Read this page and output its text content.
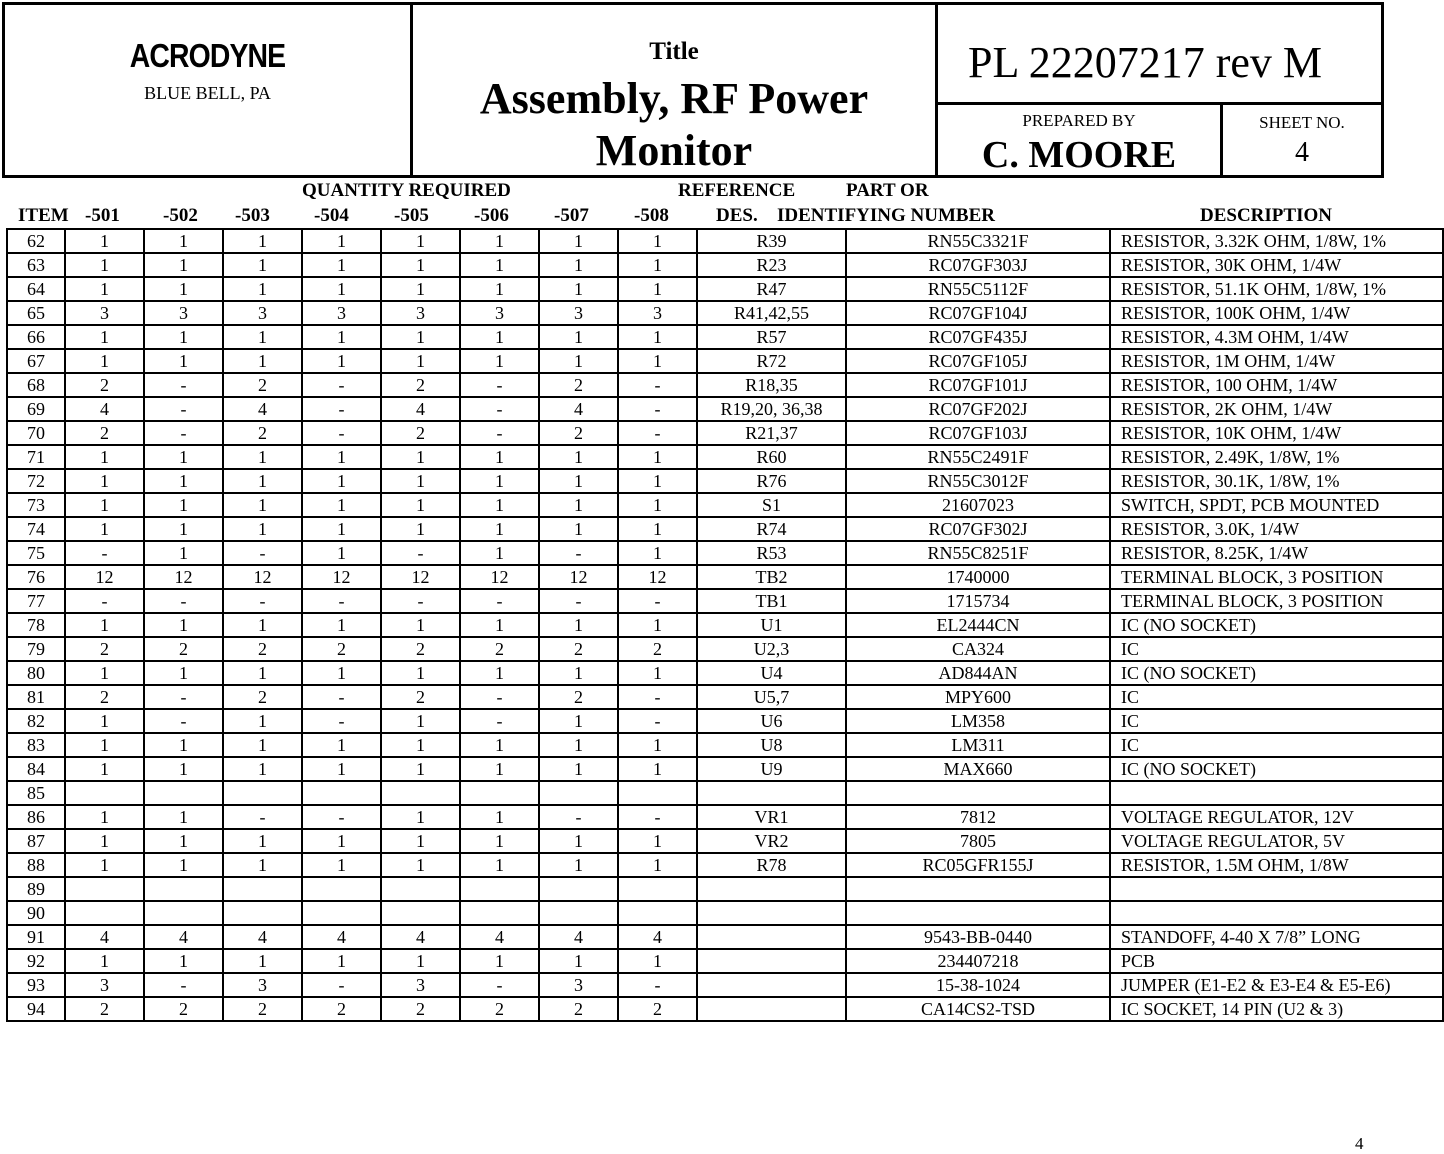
ACRODYNE
BLUE BELL, PA
Title
Assembly, RF Power Monitor
PL 22207217 rev M
PREPARED BY
C. MOORE
SHEET NO.
4
QUANTITY REQUIRED	REFERENCE	PART OR
ITEM -501 -502 -503 -504 -505 -506 -507 -508 DES. IDENTIFYING NUMBER	DESCRIPTION
62	1	1	1	1	1	1	1	1	R39	RN55C3321F	RESISTOR, 3.32K OHM, 1/8W, 1%
63	1	1	1	1	1	1	1	1	R23	RC07GF303J	RESISTOR, 30K OHM, 1/4W
64	1	1	1	1	1	1	1	1	R47	RN55C5112F	RESISTOR, 51.1K OHM, 1/8W, 1%
65	3	3	3	3	3	3	3	3	R41,42,55	RC07GF104J	RESISTOR, 100K OHM, 1/4W
66	1	1	1	1	1	1	1	1	R57	RC07GF435J	RESISTOR, 4.3M OHM, 1/4W
67	1	1	1	1	1	1	1	1	R72	RC07GF105J	RESISTOR, 1M OHM, 1/4W
68	2	-	2	-	2	-	2	-	R18,35	RC07GF101J	RESISTOR, 100 OHM, 1/4W
69	4	-	4	-	4	-	4	-	R19,20, 36,38	RC07GF202J	RESISTOR, 2K OHM, 1/4W
70	2	-	2	-	2	-	2	-	R21,37	RC07GF103J	RESISTOR, 10K OHM, 1/4W
71	1	1	1	1	1	1	1	1	R60	RN55C2491F	RESISTOR, 2.49K, 1/8W, 1%
72	1	1	1	1	1	1	1	1	R76	RN55C3012F	RESISTOR, 30.1K, 1/8W, 1%
73	1	1	1	1	1	1	1	1	S1	21607023	SWITCH, SPDT, PCB MOUNTED
74	1	1	1	1	1	1	1	1	R74	RC07GF302J	RESISTOR, 3.0K, 1/4W
75	-	1	-	1	-	1	-	1	R53	RN55C8251F	RESISTOR, 8.25K, 1/4W
76	12	12	12	12	12	12	12	12	TB2	1740000	TERMINAL BLOCK, 3 POSITION
77	-	-	-	-	-	-	-	-	TB1	1715734	TERMINAL BLOCK, 3 POSITION
78	1	1	1	1	1	1	1	1	U1	EL2444CN	IC (NO SOCKET)
79	2	2	2	2	2	2	2	2	U2,3	CA324	IC
80	1	1	1	1	1	1	1	1	U4	AD844AN	IC (NO SOCKET)
81	2	-	2	-	2	-	2	-	U5,7	MPY600	IC
82	1	-	1	-	1	-	1	-	U6	LM358	IC
83	1	1	1	1	1	1	1	1	U8	LM311	IC
84	1	1	1	1	1	1	1	1	U9	MAX660	IC (NO SOCKET)
85											
86	1	1	-	-	1	1	-	-	VR1	7812	VOLTAGE REGULATOR, 12V
87	1	1	1	1	1	1	1	1	VR2	7805	VOLTAGE REGULATOR, 5V
88	1	1	1	1	1	1	1	1	R78	RC05GFR155J	RESISTOR, 1.5M OHM, 1/8W
89											
90											
91	4	4	4	4	4	4	4	4		9543-BB-0440	STANDOFF, 4-40 X 7/8” LONG
92	1	1	1	1	1	1	1	1		234407218	PCB
93	3	-	3	-	3	-	3	-		15-38-1024	JUMPER (E1-E2 & E3-E4 & E5-E6)
94	2	2	2	2	2	2	2	2		CA14CS2-TSD	IC SOCKET, 14 PIN (U2 & 3)
4
